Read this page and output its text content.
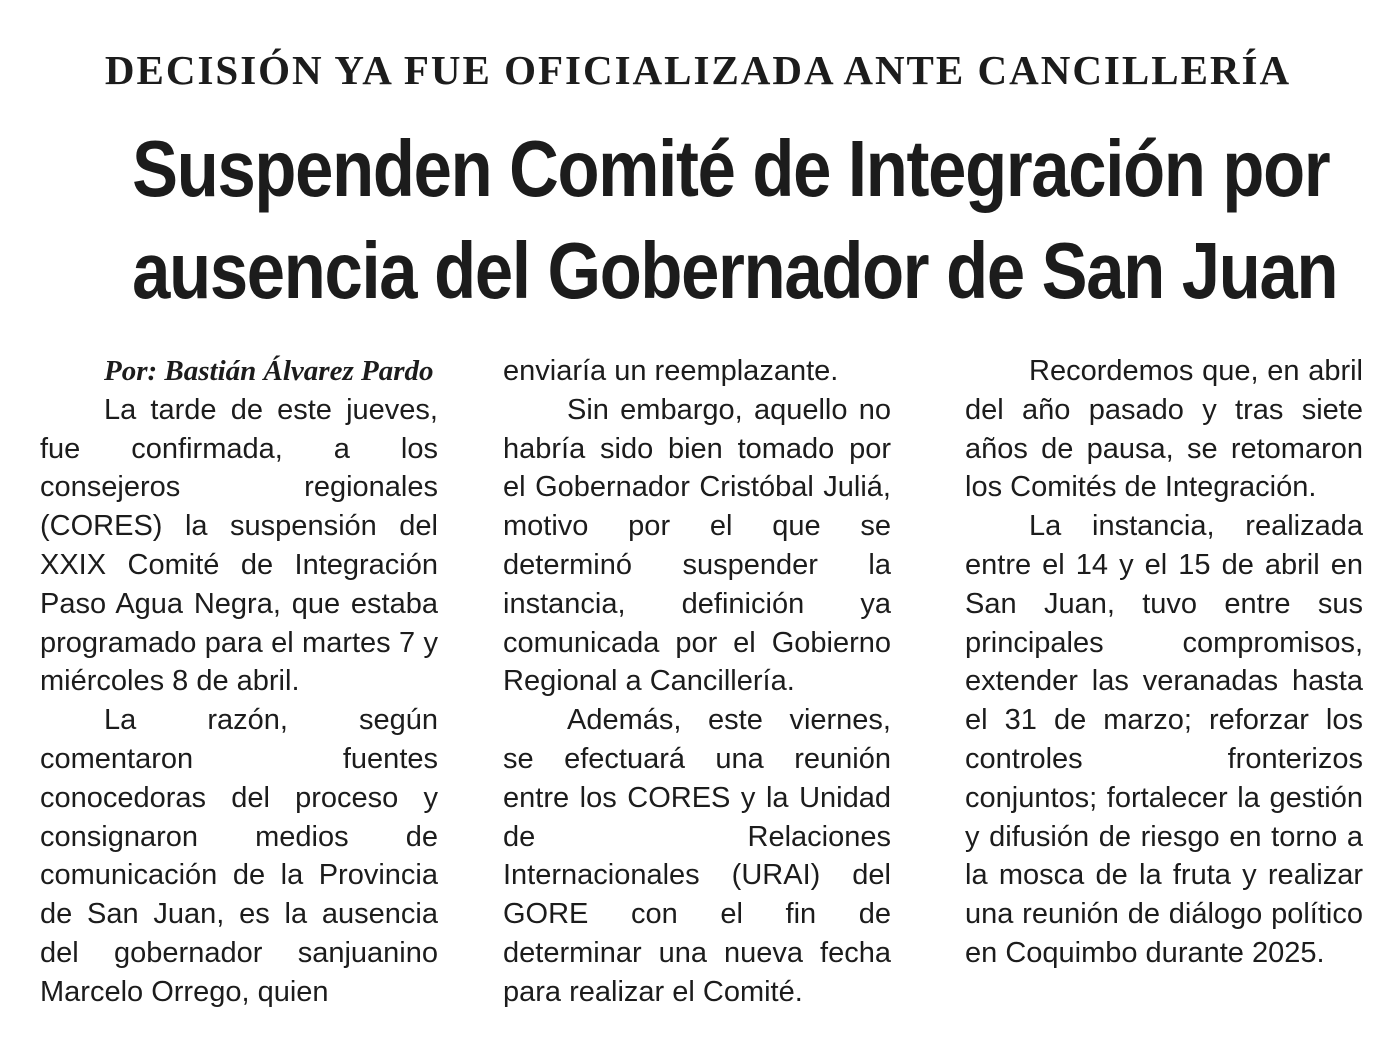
DECISIÓN YA FUE OFICIALIZADA ANTE CANCILLERÍA
Suspenden Comité de Integración por
ausencia del Gobernador de San Juan

Por: Bastián Álvarez Pardo

La tarde de este jueves, fue confirmada, a los consejeros regionales (CORES) la suspensión del XXIX Comité de Integración Paso Agua Negra, que estaba programado para el martes 7 y miércoles 8 de abril.

La razón, según comentaron fuentes conocedoras del proceso y consignaron medios de comunicación de la Provincia de San Juan, es la ausencia del gobernador sanjuanino Marcelo Orrego, quien

enviaría un reemplazante.

Sin embargo, aquello no habría sido bien tomado por el Gobernador Cristóbal Juliá, motivo por el que se determinó suspender la instancia, definición ya comunicada por el Gobierno Regional a Cancillería.

Además, este viernes, se efectuará una reunión entre los CORES y la Unidad de Relaciones Internacionales (URAI) del GORE con el fin de determinar una nueva fecha para realizar el Comité.

Recordemos que, en abril del año pasado y tras siete años de pausa, se retomaron los Comités de Integración.

La instancia, realizada entre el 14 y el 15 de abril en San Juan, tuvo entre sus principales compromisos, extender las veranadas hasta el 31 de marzo; reforzar los controles fronterizos conjuntos; fortalecer la gestión y difusión de riesgo en torno a la mosca de la fruta y realizar una reunión de diálogo político en Coquimbo durante 2025.
